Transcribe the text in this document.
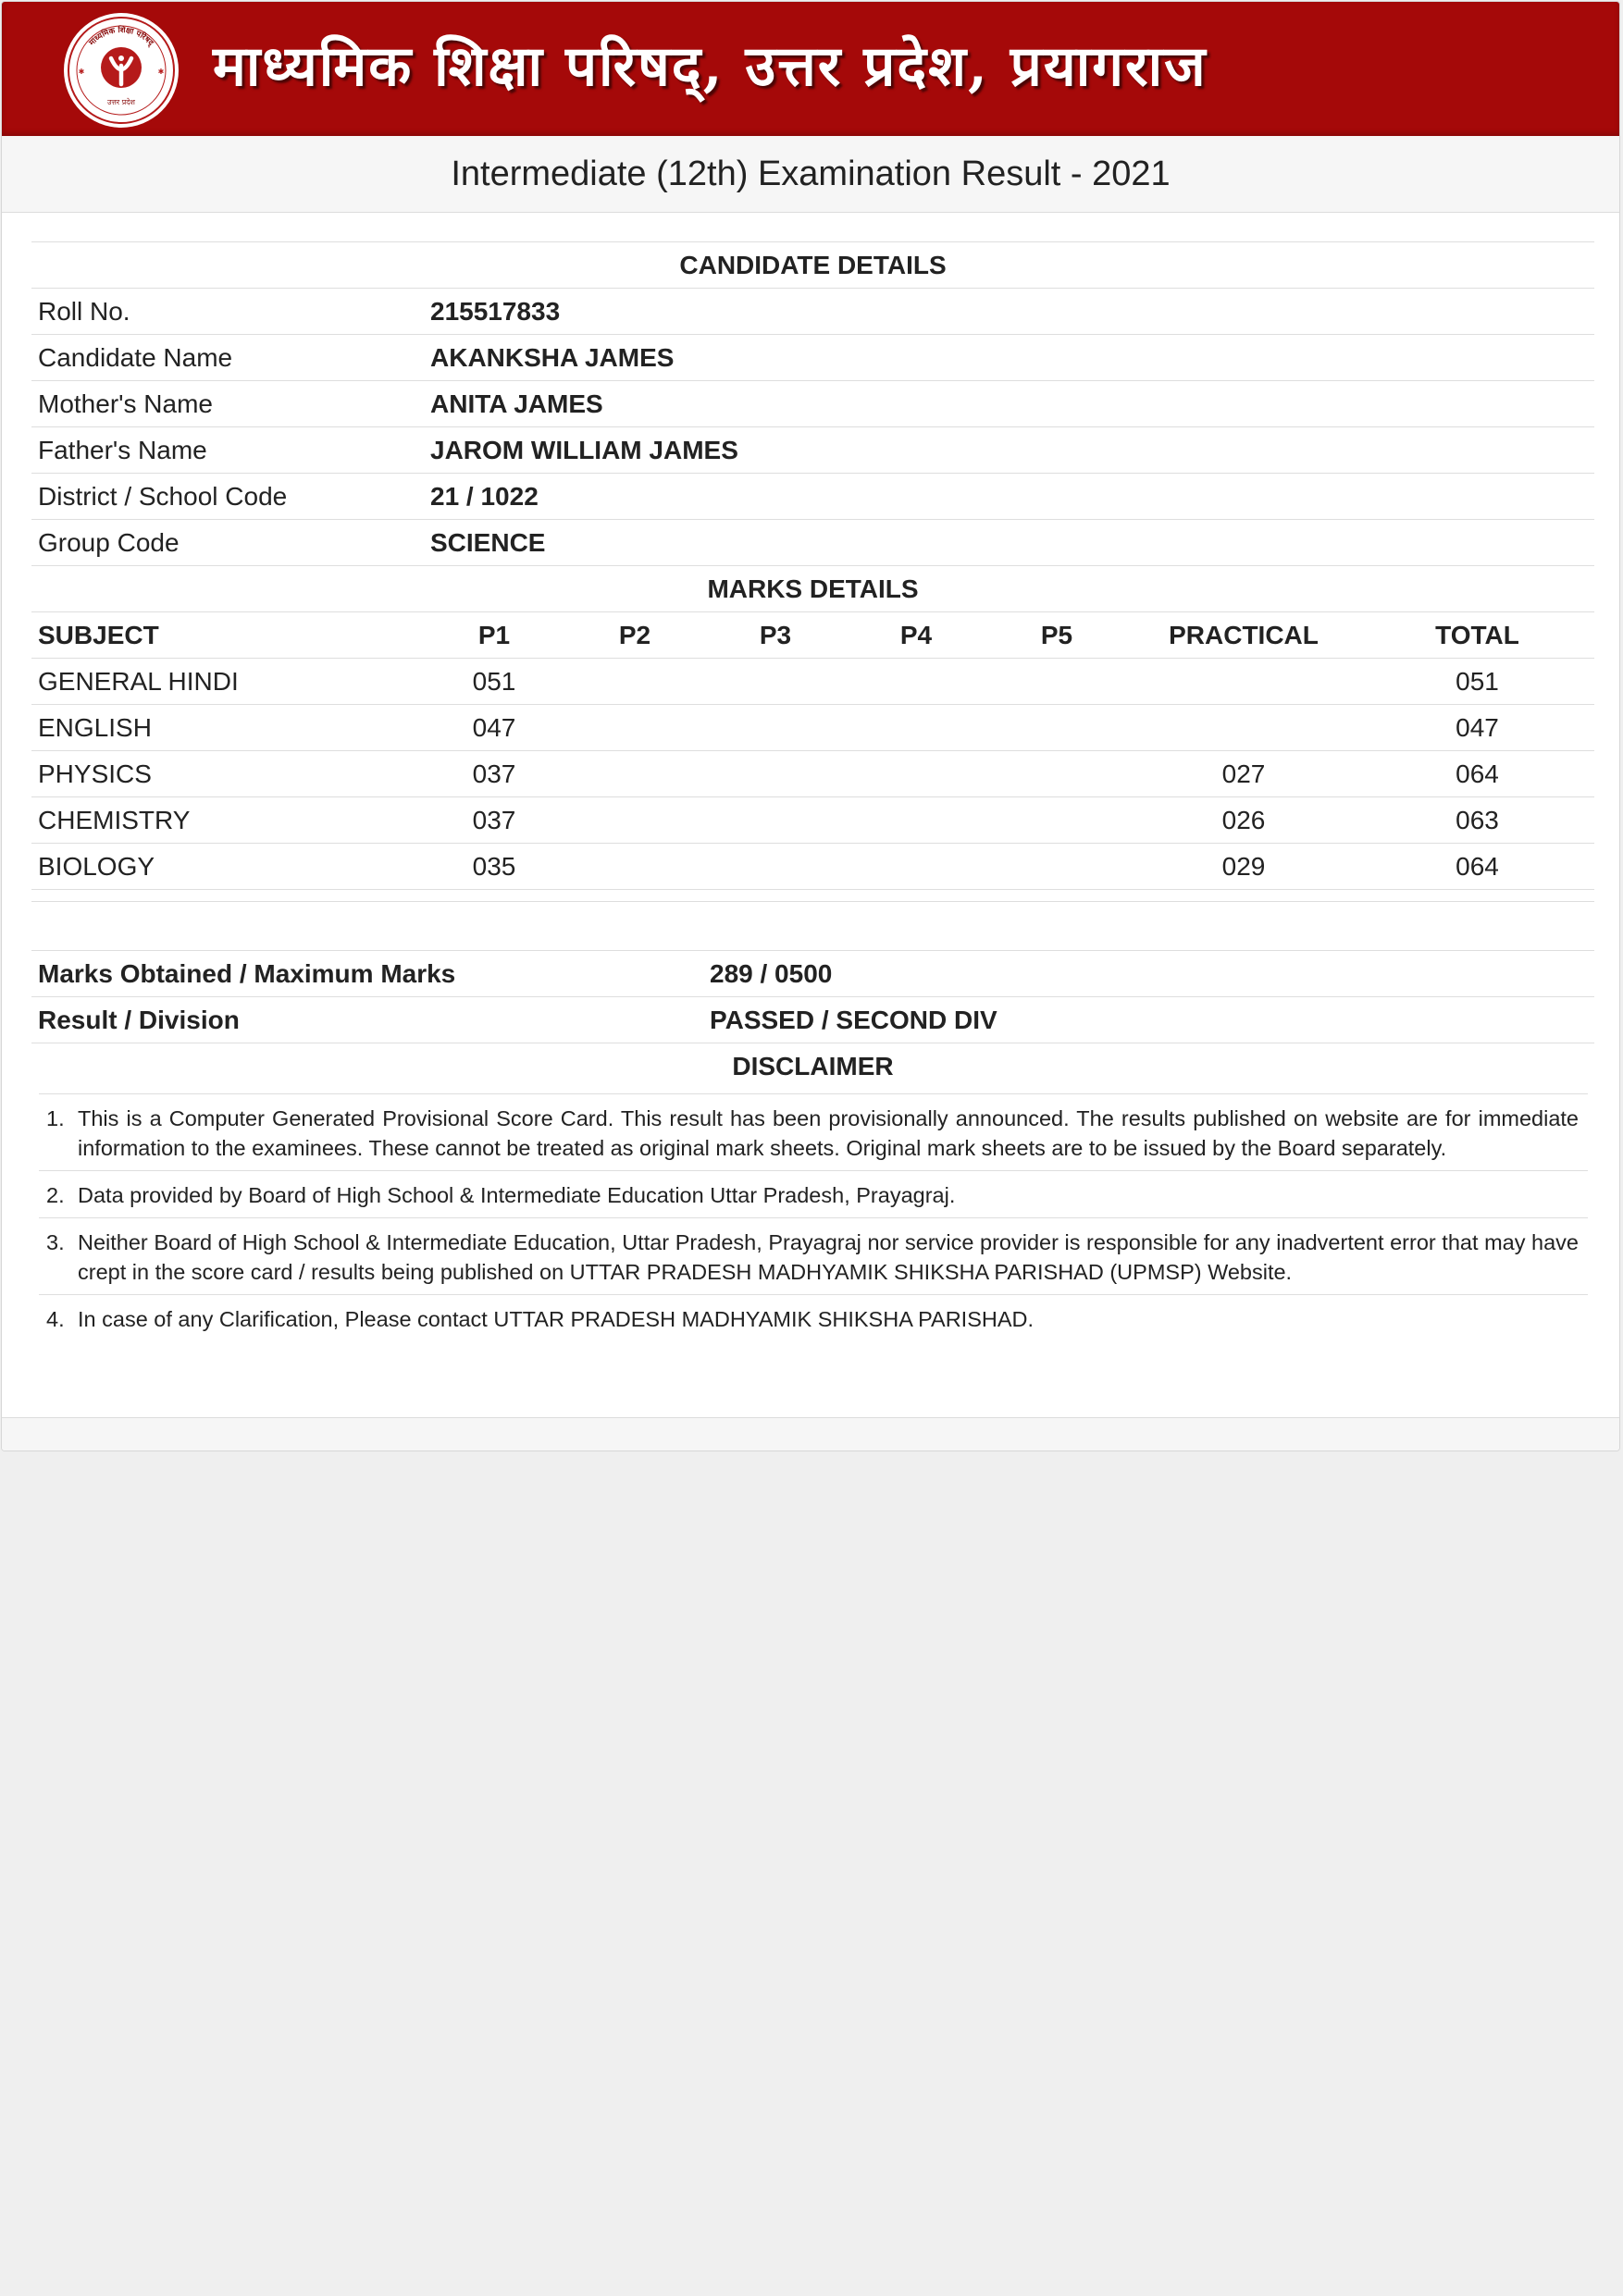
माध्यमिक शिक्षा परिषद्
उत्तर प्रदेश
✱	✱ माध्यमिक शिक्षा परिषद्, उत्तर प्रदेश, प्रयागराज
Intermediate (12th) Examination Result - 2021
CANDIDATE DETAILS							
Roll No.	215517833						
Candidate Name	AKANKSHA JAMES						
Mother's Name	ANITA JAMES						
Father's Name	JAROM WILLIAM JAMES						
District / School Code	21 / 1022						
Group Code	SCIENCE						
MARKS DETAILS							
SUBJECT	P1	P2	P3	P4	P5	PRACTICAL	TOTAL
GENERAL HINDI	051						051
ENGLISH	047						047
PHYSICS	037					027	064
CHEMISTRY	037					026	063
BIOLOGY	035					029	064

Marks Obtained / Maximum Marks	289 / 0500
Result / Division	PASSED / SECOND DIV
DISCLAIMER	
1. This is a Computer Generated Provisional Score Card. This result has been provisionally announced. The results published on website are for immediate information to the examinees. These cannot be treated as original mark sheets. Original mark sheets are to be issued by the Board separately.
2. Data provided by Board of High School & Intermediate Education Uttar Pradesh, Prayagraj.
3. Neither Board of High School & Intermediate Education, Uttar Pradesh, Prayagraj nor service provider is responsible for any inadvertent error that may have crept in the score card / results being published on UTTAR PRADESH MADHYAMIK SHIKSHA PARISHAD (UPMSP) Website.
4. In case of any Clarification, Please contact UTTAR PRADESH MADHYAMIK SHIKSHA PARISHAD.
